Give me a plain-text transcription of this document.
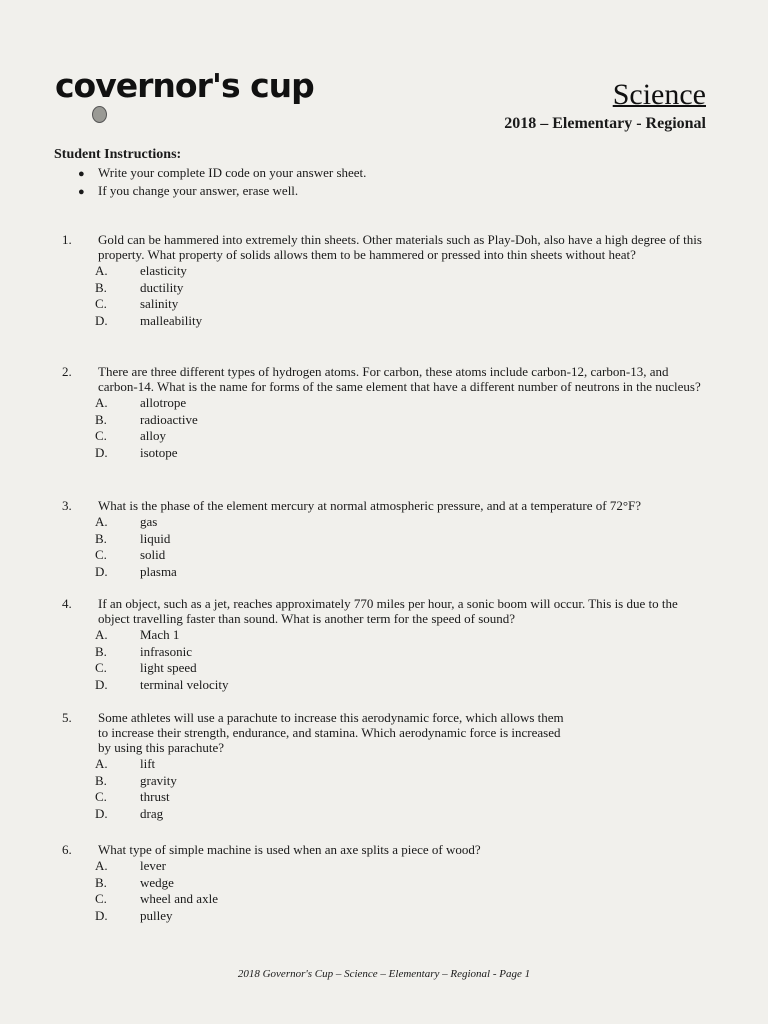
covernor's cup	Science
2018 – Elementary - Regional
Student Instructions:
● Write your complete ID code on your answer sheet.
● If you change your answer, erase well.
1.	Gold can be hammered into extremely thin sheets. Other materials such as Play-Doh, also have a high degree of this property. What property of solids allows them to be hammered or pressed into thin sheets without heat?
A. elasticity
B.	ductility
C.	salinity
D. malleability
2.	There are three different types of hydrogen atoms. For carbon, these atoms include carbon-12, carbon-13, and carbon-14. What is the name for forms of the same element that have a different number of neutrons in the nucleus?
A. allotrope
B.	radioactive
C.	alloy
D. isotope
3.	What is the phase of the element mercury at normal atmospheric pressure, and at a temperature of 72°F?
A. gas
B.	liquid
C.	solid
D. plasma
4.	If an object, such as a jet, reaches approximately 770 miles per hour, a sonic boom will occur. This is due to the object travelling faster than sound. What is another term for the speed of sound?
A. Mach 1
B.	infrasonic
C.	light speed
D. terminal velocity
5.	Some athletes will use a parachute to increase this aerodynamic force, which allows them to increase their strength, endurance, and stamina. Which aerodynamic force is increased by using this parachute?
A. lift
B.	gravity
C.	thrust
D. drag
6.	What type of simple machine is used when an axe splits a piece of wood?
A. lever
B.	wedge
C.	wheel and axle
D. pulley
2018 Governor's Cup – Science – Elementary – Regional - Page 1
